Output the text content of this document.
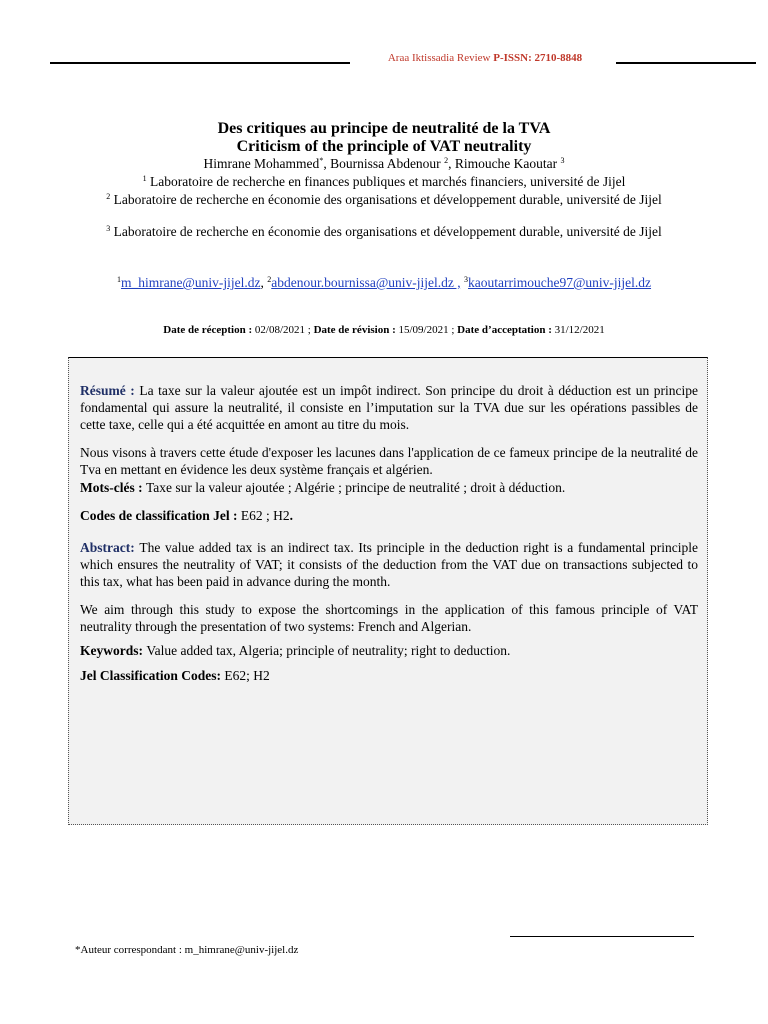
Araa Iktissadia Review P-ISSN: 2710-8848
Des critiques au principe de neutralité de la TVA
Criticism of the principle of VAT neutrality
Himrane Mohammed*, Bournissa Abdenour $^2$, Rimouche Kaoutar $^3$
$^1$ Laboratoire de recherche en finances publiques et marchés financiers, université de Jijel
$^2$ Laboratoire de recherche en économie des organisations et développement durable, université de Jijel
$^3$ Laboratoire de recherche en économie des organisations et développement durable, université de Jijel
$^1$m_himrane@univ-jijel.dz, $^2$abdenour.bournissa@univ-jijel.dz , $^3$kaoutarrimouche97@univ-jijel.dz
Date de réception : 02/08/2021 ; Date de révision : 15/09/2021 ; Date d’acceptation : 31/12/2021
Résumé : La taxe sur la valeur ajoutée est un impôt indirect. Son principe du droit à déduction est un principe fondamental qui assure la neutralité, il consiste en l’imputation sur la TVA due sur les opérations passibles de cette taxe, celle qui a été acquittée en amont au titre du mois.
Nous visons à travers cette étude d'exposer les lacunes dans l'application de ce fameux principe de la neutralité de Tva en mettant en évidence les deux système français et algérien.
Mots-clés : Taxe sur la valeur ajoutée ; Algérie ; principe de neutralité ; droit à déduction.
Codes de classification Jel : E62 ; H2.
Abstract: The value added tax is an indirect tax. Its principle in the deduction right is a fundamental principle which ensures the neutrality of VAT; it consists of the deduction from the VAT due on transactions subjected to this tax, what has been paid in advance during the month.
We aim through this study to expose the shortcomings in the application of this famous principle of VAT neutrality through the presentation of two systems: French and Algerian.
Keywords: Value added tax, Algeria; principle of neutrality; right to deduction.
Jel Classification Codes: E62; H2
*Auteur correspondant : m_himrane@univ-jijel.dz
